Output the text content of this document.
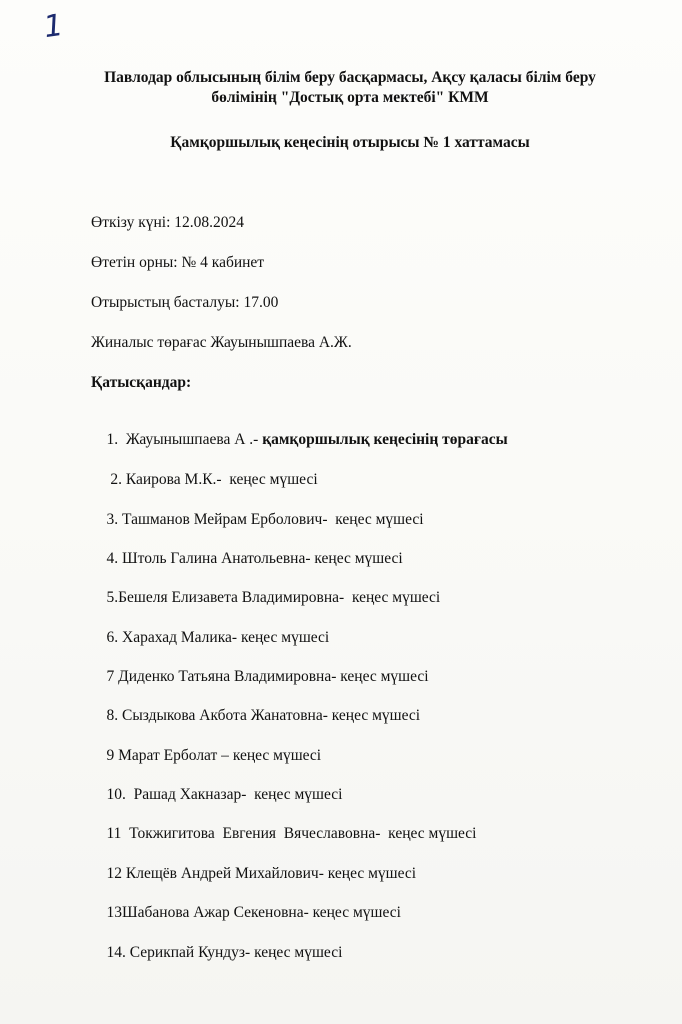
1
Павлодар облысының білім беру басқармасы, Ақсу қаласы білім беру
бөлімінің "Достық орта мектебі" КММ
Қамқоршылық кеңесінің отырысы № 1 хаттамасы
Өткізу күні: 12.08.2024
Өтетін орны: № 4 кабинет
Отырыстың басталуы: 17.00
Жиналыс төрағас Жауынышпаева А.Ж.
Қатысқандар:

1.  Жауынышпаева А .- қамқоршылық кеңесінің төрағасы

2. Каирова М.К.-  кеңес мүшесі

3. Ташманов Мейрам Ерболович-  кеңес мүшесі

4. Штоль Галина Анатольевна- кеңес мүшесі

5.Бешеля Елизавета Владимировна-  кеңес мүшесі

6. Харахад Малика- кеңес мүшесі

7 Диденко Татьяна Владимировна- кеңес мүшесі

8. Сыздыкова Акбота Жанатовна- кеңес мүшесі

9 Марат Ерболат – кеңес мүшесі

10.  Рашад Хакназар-  кеңес мүшесі

11  Токжигитова  Евгения  Вячеславовна-  кеңес мүшесі

12 Клещёв Андрей Михайлович- кеңес мүшесі

13Шабанова Ажар Секеновна- кеңес мүшесі

14. Серикпай Кундуз- кеңес мүшесі
